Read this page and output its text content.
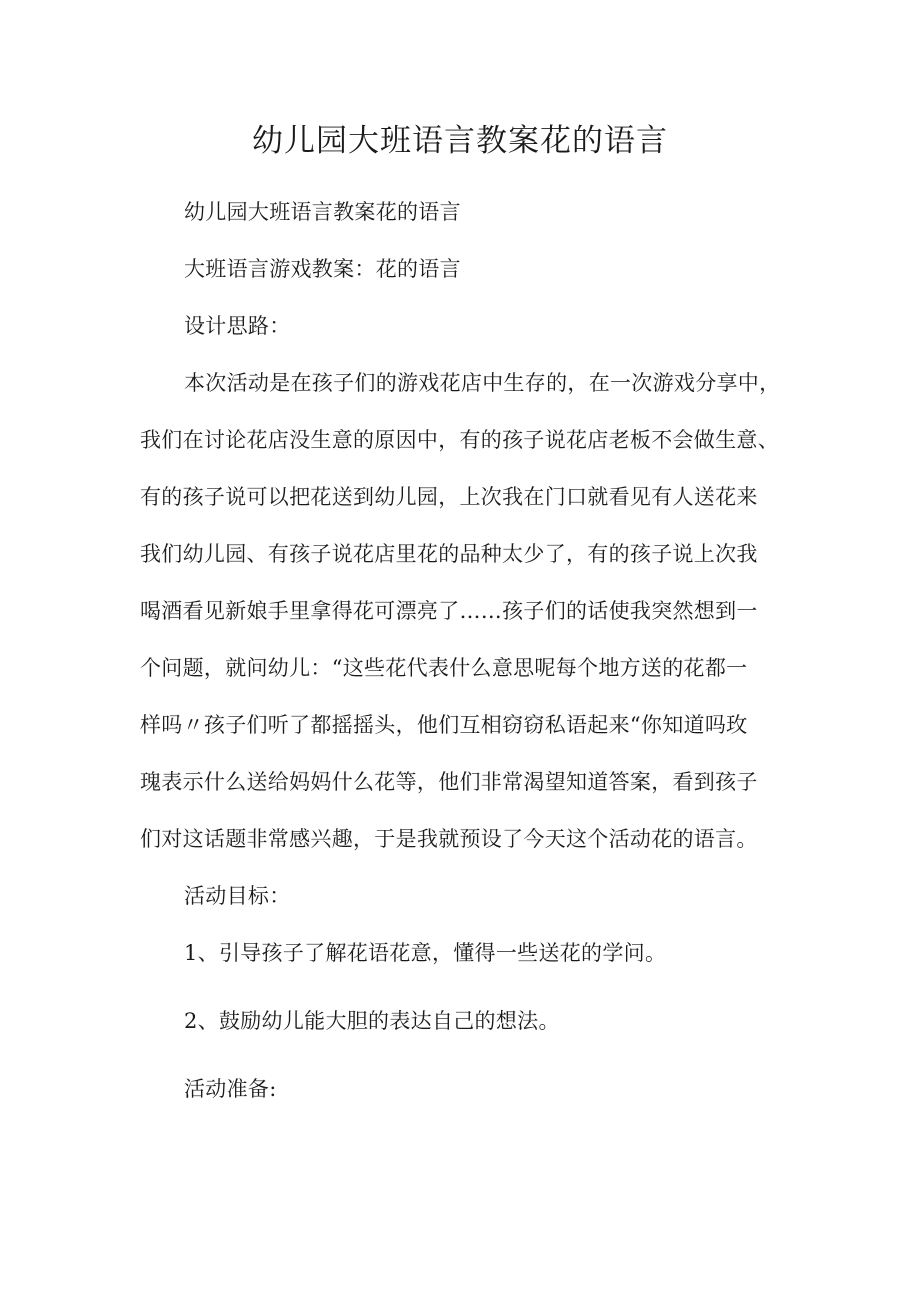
幼儿园大班语言教案花的语言

幼儿园大班语言教案花的语言

大班语言游戏教案：花的语言

设计思路：

本次活动是在孩子们的游戏花店中生存的，在一次游戏分享中，

我们在讨论花店没生意的原因中，有的孩子说花店老板不会做生意、

有的孩子说可以把花送到幼儿园，上次我在门口就看见有人送花来

我们幼儿园、有孩子说花店里花的品种太少了，有的孩子说上次我

喝酒看见新娘手里拿得花可漂亮了……孩子们的话使我突然想到一

个问题，就问幼儿：“这些花代表什么意思呢每个地方送的花都一

样吗〃孩子们听了都摇摇头，他们互相窃窃私语起来“你知道吗玫

瑰表示什么送给妈妈什么花等，他们非常渴望知道答案，看到孩子

们对这话题非常感兴趣，于是我就预设了今天这个活动花的语言。

活动目标：

1、引导孩子了解花语花意，懂得一些送花的学问。

2、鼓励幼儿能大胆的表达自己的想法。

活动准备:
